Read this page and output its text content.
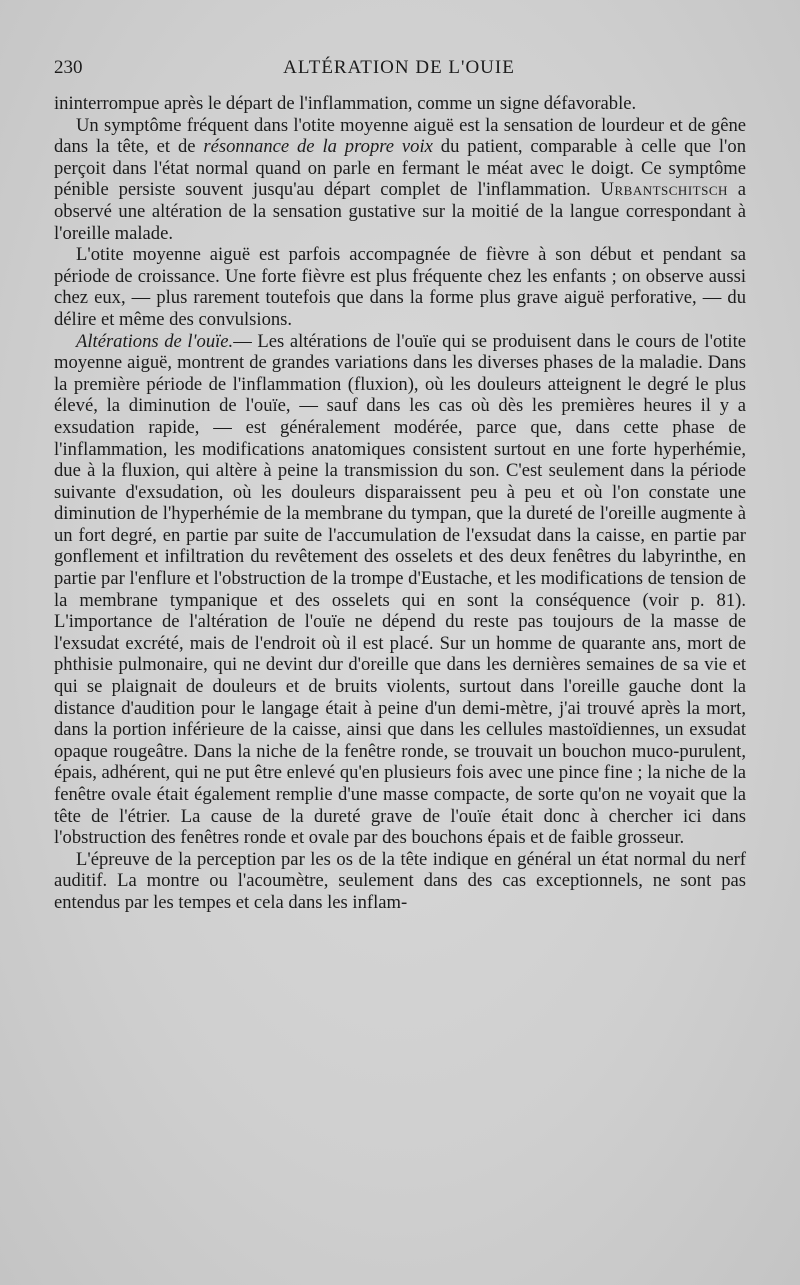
230	ALTÉRATION DE L'OUIE

ininterrompue après le départ de l'inflammation, comme un signe défavorable.

Un symptôme fréquent dans l'otite moyenne aiguë est la sensation de lourdeur et de gêne dans la tête, et de résonnance de la propre voix du patient, comparable à celle que l'on perçoit dans l'état normal quand on parle en fermant le méat avec le doigt. Ce symptôme pénible persiste souvent jusqu'au départ complet de l'inflammation. Urbantschitsch a observé une altération de la sensation gustative sur la moitié de la langue correspondant à l'oreille malade.

L'otite moyenne aiguë est parfois accompagnée de fièvre à son début et pendant sa période de croissance. Une forte fièvre est plus fréquente chez les enfants ; on observe aussi chez eux, — plus rarement toutefois que dans la forme plus grave aiguë perforative, — du délire et même des convulsions.

Altérations de l'ouïe.— Les altérations de l'ouïe qui se produisent dans le cours de l'otite moyenne aiguë, montrent de grandes variations dans les diverses phases de la maladie. Dans la première période de l'inflammation (fluxion), où les douleurs atteignent le degré le plus élevé, la diminution de l'ouïe, — sauf dans les cas où dès les premières heures il y a exsudation rapide, — est généralement modérée, parce que, dans cette phase de l'inflammation, les modifications anatomiques consistent surtout en une forte hyperhémie, due à la fluxion, qui altère à peine la transmission du son. C'est seulement dans la période suivante d'exsudation, où les douleurs disparaissent peu à peu et où l'on constate une diminution de l'hyperhémie de la membrane du tympan, que la dureté de l'oreille augmente à un fort degré, en partie par suite de l'accumulation de l'exsudat dans la caisse, en partie par gonflement et infiltration du revêtement des osselets et des deux fenêtres du labyrinthe, en partie par l'enflure et l'obstruction de la trompe d'Eustache, et les modifications de tension de la membrane tympanique et des osselets qui en sont la conséquence (voir p. 81). L'importance de l'altération de l'ouïe ne dépend du reste pas toujours de la masse de l'exsudat excrété, mais de l'endroit où il est placé. Sur un homme de quarante ans, mort de phthisie pulmonaire, qui ne devint dur d'oreille que dans les dernières semaines de sa vie et qui se plaignait de douleurs et de bruits violents, surtout dans l'oreille gauche dont la distance d'audition pour le langage était à peine d'un demi-mètre, j'ai trouvé après la mort, dans la portion inférieure de la caisse, ainsi que dans les cellules mastoïdiennes, un exsudat opaque rougeâtre. Dans la niche de la fenêtre ronde, se trouvait un bouchon muco-purulent, épais, adhérent, qui ne put être enlevé qu'en plusieurs fois avec une pince fine ; la niche de la fenêtre ovale était également remplie d'une masse compacte, de sorte qu'on ne voyait que la tête de l'étrier. La cause de la dureté grave de l'ouïe était donc à chercher ici dans l'obstruction des fenêtres ronde et ovale par des bouchons épais et de faible grosseur.

L'épreuve de la perception par les os de la tête indique en général un état normal du nerf auditif. La montre ou l'acoumètre, seulement dans des cas exceptionnels, ne sont pas entendus par les tempes et cela dans les inflam-
